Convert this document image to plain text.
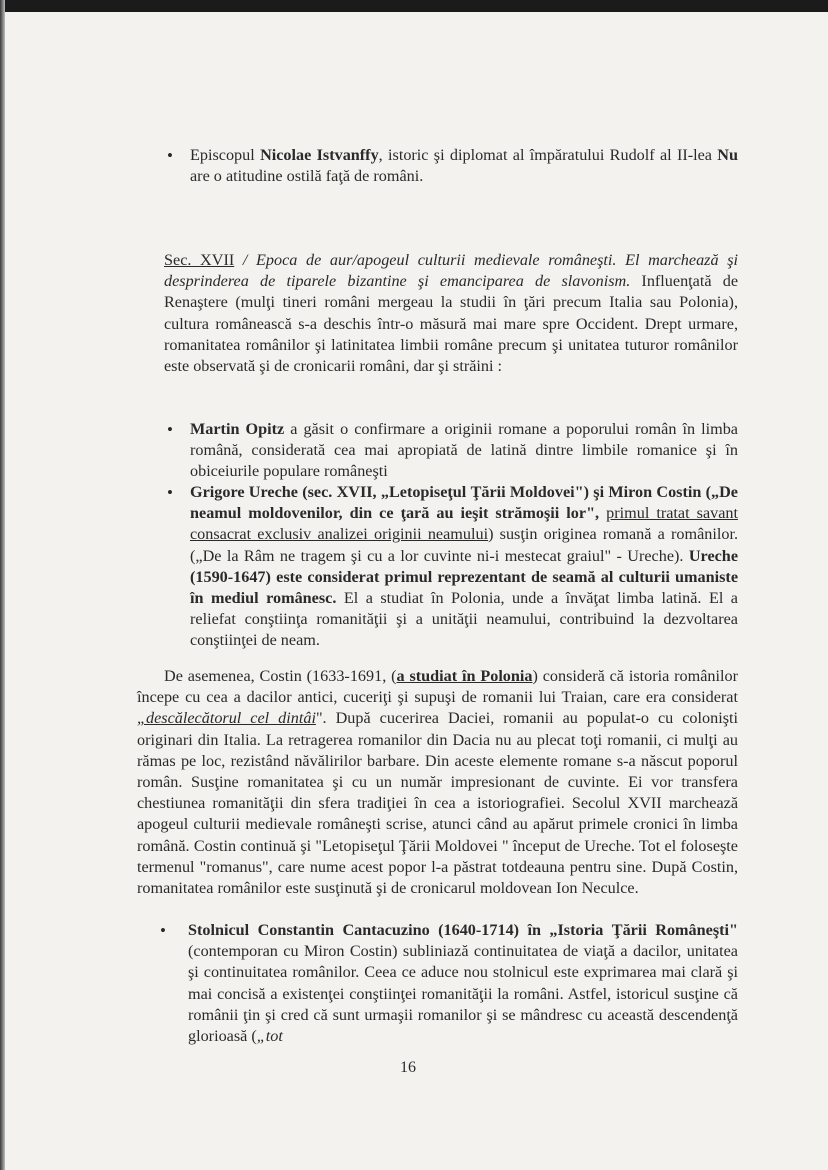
• Episcopul Nicolae Istvanffy, istoric şi diplomat al împăratului Rudolf al II-lea Nu are o atitudine ostilă faţă de români.
Sec. XVII / Epoca de aur/apogeul culturii medievale româneşti. El marchează şi desprinderea de tiparele bizantine şi emanciparea de slavonism. Influenţată de Renaştere (mulţi tineri români mergeau la studii în ţări precum Italia sau Polonia), cultura românească s-a deschis într-o măsură mai mare spre Occident. Drept urmare, romanitatea românilor şi latinitatea limbii române precum şi unitatea tuturor românilor este observată şi de cronicarii români, dar şi străini :
• Martin Opitz a găsit o confirmare a originii romane a poporului român în limba română, considerată cea mai apropiată de latină dintre limbile romanice şi în obiceiurile populare româneşti
• Grigore Ureche (sec. XVII, „Letopiseţul Ţării Moldovei") şi Miron Costin („De neamul moldovenilor, din ce ţară au ieşit strămoşii lor", primul tratat savant consacrat exclusiv analizei originii neamului) susţin originea romană a românilor. („De la Râm ne tragem şi cu a lor cuvinte ni-i mestecat graiul" - Ureche). Ureche (1590-1647) este considerat primul reprezentant de seamă al culturii umaniste în mediul românesc. El a studiat în Polonia, unde a învăţat limba latină. El a reliefat conştiinţa romanităţii şi a unităţii neamului, contribuind la dezvoltarea conştiinţei de neam.
De asemenea, Costin (1633-1691, (a studiat în Polonia) consideră că istoria românilor începe cu cea a dacilor antici, cuceriţi şi supuşi de romanii lui Traian, care era considerat „descălecătorul cel dintâi". După cucerirea Daciei, romanii au populat-o cu colonişti originari din Italia. La retragerea romanilor din Dacia nu au plecat toţi romanii, ci mulţi au rămas pe loc, rezistând năvălirilor barbare. Din aceste elemente romane s-a născut poporul român. Susţine romanitatea şi cu un număr impresionant de cuvinte. Ei vor transfera chestiunea romanităţii din sfera tradiţiei în cea a istoriografiei. Secolul XVII marchează apogeul culturii medievale româneşti scrise, atunci când au apărut primele cronici în limba română. Costin continuă şi "Letopiseţul Ţării Moldovei " început de Ureche. Tot el foloseşte termenul "romanus", care nume acest popor l-a păstrat totdeauna pentru sine. După Costin, romanitatea românilor este susţinută şi de cronicarul moldovean Ion Neculce.
• Stolnicul Constantin Cantacuzino (1640-1714) în „Istoria Ţării Româneşti" (contemporan cu Miron Costin) subliniază continuitatea de viaţă a dacilor, unitatea şi continuitatea românilor. Ceea ce aduce nou stolnicul este exprimarea mai clară şi mai concisă a existenţei conştiinţei romanităţii la români. Astfel, istoricul susţine că românii ţin şi cred că sunt urmaşii romanilor şi se mândresc cu această descendenţă glorioasă („tot
16
